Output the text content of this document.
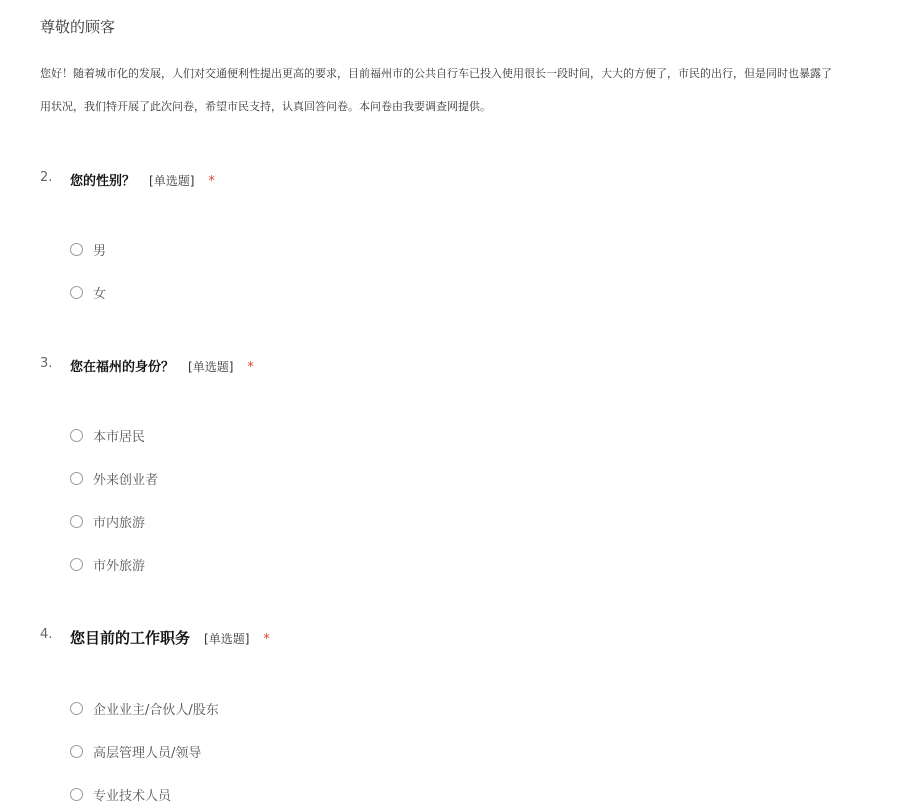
尊敬的顾客
您好！随着城市化的发展，人们对交通便利性提出更高的要求，目前福州市的公共自行车已投入使用很长一段时间，大大的方便了，市民的出行，但是同时也暴露了
用状况，我们特开展了此次问卷，希望市民支持，认真回答问卷。本问卷由我要调查网提供。
2. 您的性别？ [单选题] *
男
女
3. 您在福州的身份？ [单选题] *
本市居民
外来创业者
市内旅游
市外旅游
4. 您目前的工作职务 [单选题] *
企业业主/合伙人/股东
高层管理人员/领导
专业技术人员
